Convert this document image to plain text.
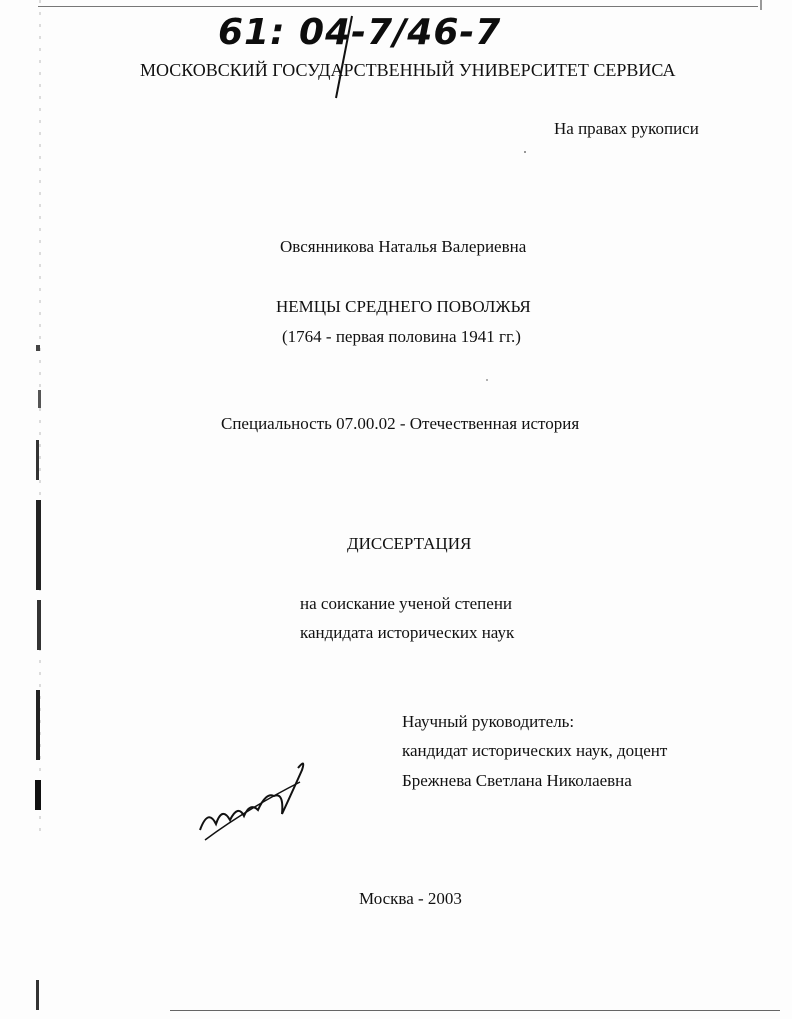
61: 04-7/46-7
МОСКОВСКИЙ ГОСУДАРСТВЕННЫЙ УНИВЕРСИТЕТ СЕРВИСА
На правах рукописи
Овсянникова Наталья Валериевна
НЕМЦЫ СРЕДНЕГО ПОВОЛЖЬЯ
(1764 - первая половина 1941 гг.)
Специальность 07.00.02 - Отечественная история
ДИССЕРТАЦИЯ
на соискание ученой степени
кандидата исторических наук
Научный руководитель:
кандидат исторических наук, доцент
Брежнева Светлана Николаевна
Москва - 2003
